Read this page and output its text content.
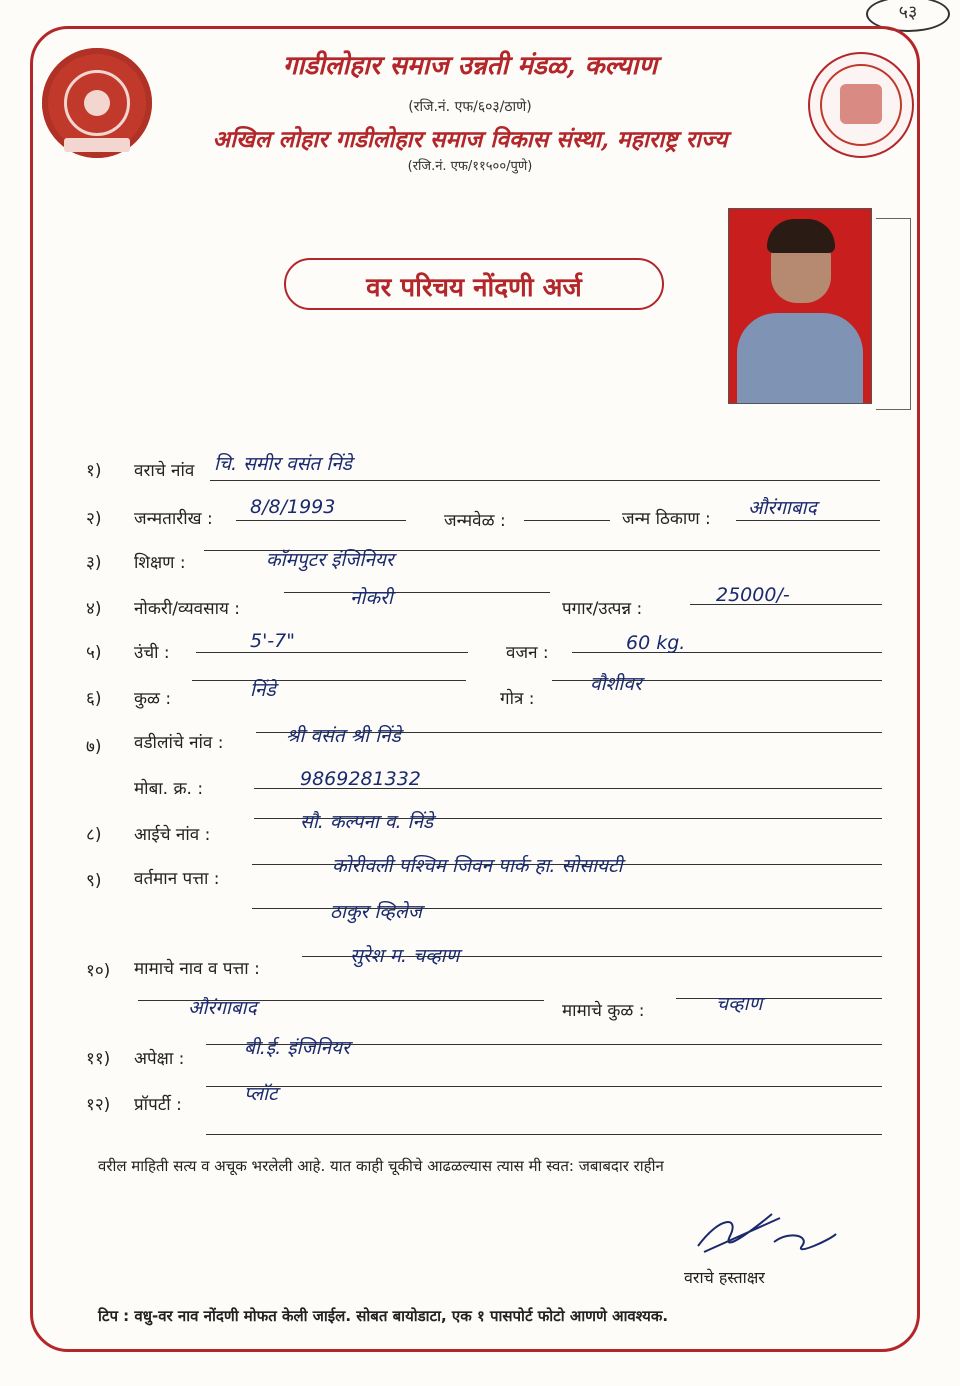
५३
गाडीलोहार समाज उन्नती मंडळ, कल्याण
(रजि.नं. एफ/६०३/ठाणे)
अखिल लोहार गाडीलोहार समाज विकास संस्था, महाराष्ट्र राज्य
(रजि.नं. एफ/११५००/पुणे)
वर परिचय नोंदणी अर्ज
१) वराचे नांव चि. समीर वसंत निंडे
२) जन्मतारीख :
8/8/1993
जन्मवेळ :	जन्म ठिकाण : औरंगाबाद
३) शिक्षण :	कॉमपुटर इंजिनियर
४) नोकरी/व्यवसाय :	नोकरी	पगार/उत्पन्न :
25000/-
५) उंची :
5'-7"
वजन :	60 kg.
६) कुळ :	निंडे	गोत्र :
वौशीवर
७) वडीलांचे नांव :	श्री वसंत श्री निंडे
मोबा. क्र. :	9869281332
८) आईचे नांव :
सौ. कल्पना व. निंडे
९) वर्तमान पत्ता :
कोरीवली पश्चिम जिवन पार्क हा. सोसायटी
ठाकुर व्हिलेज
१०) मामाचे नाव व पत्ता :
सुरेश म. चव्हाण
औरंगाबाद	मामाचे कुळ :	चव्हाण
११) अपेक्षा :	बी.ई. इंजिनियर
१२) प्रॉपर्टी :	प्लॉट
वरील माहिती सत्य व अचूक भरलेली आहे. यात काही चूकीचे आढळल्यास त्यास मी स्वत: जबाबदार राहीन
वराचे हस्ताक्षर
टिप : वधु-वर नाव नोंदणी मोफत केली जाईल. सोबत बायोडाटा, एक १ पासपोर्ट फोटो आणणे आवश्यक.
